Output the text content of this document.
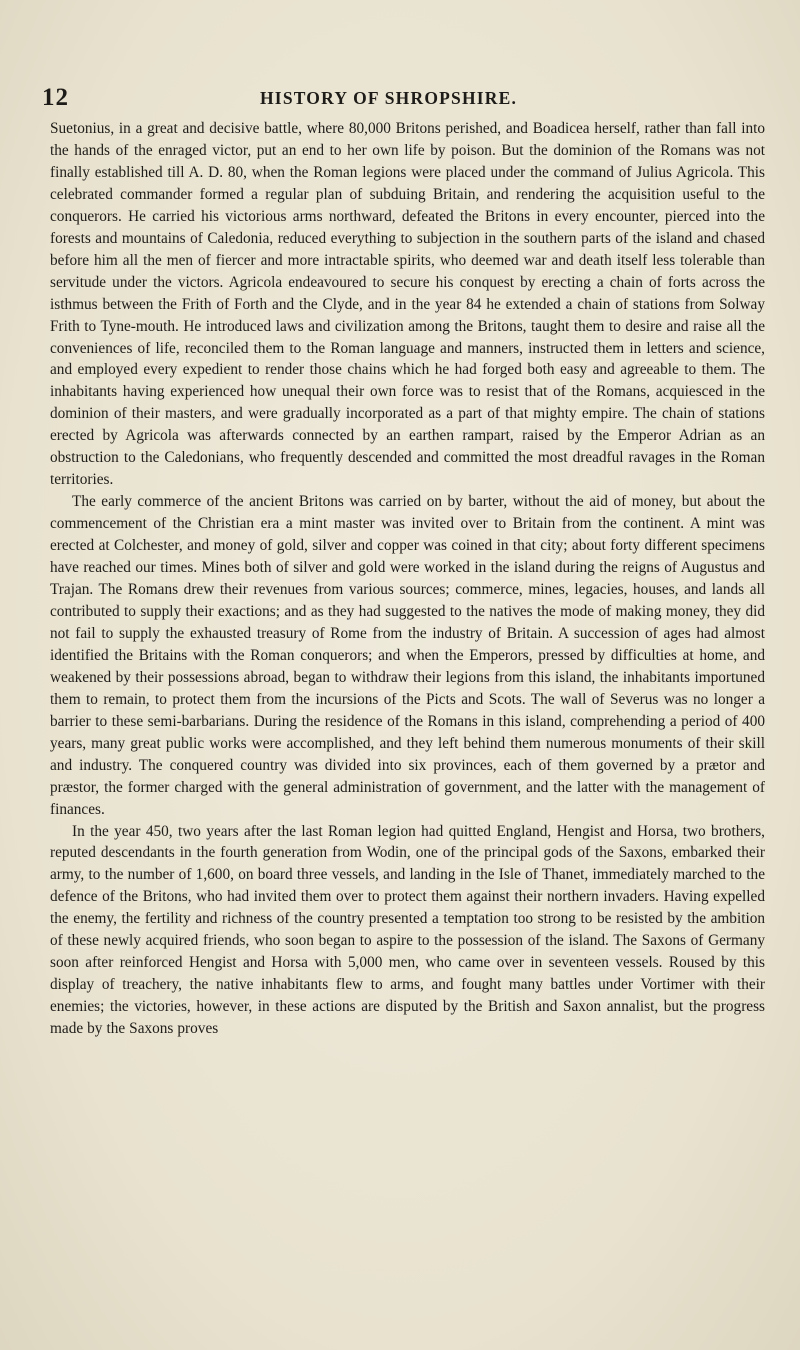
12	HISTORY OF SHROPSHIRE.

Suetonius, in a great and decisive battle, where 80,000 Britons perished, and Boadicea herself, rather than fall into the hands of the enraged victor, put an end to her own life by poison. But the dominion of the Romans was not finally established till A. D. 80, when the Roman legions were placed under the command of Julius Agricola. This celebrated commander formed a regular plan of subduing Britain, and rendering the acquisition useful to the conquerors. He carried his victorious arms northward, defeated the Britons in every encounter, pierced into the forests and mountains of Caledonia, reduced everything to subjection in the southern parts of the island and chased before him all the men of fiercer and more intractable spirits, who deemed war and death itself less tolerable than servitude under the victors. Agricola endeavoured to secure his conquest by erecting a chain of forts across the isthmus between the Frith of Forth and the Clyde, and in the year 84 he extended a chain of stations from Solway Frith to Tyne-mouth. He introduced laws and civilization among the Britons, taught them to desire and raise all the conveniences of life, reconciled them to the Roman language and manners, instructed them in letters and science, and employed every expedient to render those chains which he had forged both easy and agreeable to them. The inhabitants having experienced how unequal their own force was to resist that of the Romans, acquiesced in the dominion of their masters, and were gradually incorporated as a part of that mighty empire. The chain of stations erected by Agricola was afterwards connected by an earthen rampart, raised by the Emperor Adrian as an obstruction to the Caledonians, who frequently descended and committed the most dreadful ravages in the Roman territories.

The early commerce of the ancient Britons was carried on by barter, without the aid of money, but about the commencement of the Christian era a mint master was invited over to Britain from the continent. A mint was erected at Colchester, and money of gold, silver and copper was coined in that city; about forty different specimens have reached our times. Mines both of silver and gold were worked in the island during the reigns of Augustus and Trajan. The Romans drew their revenues from various sources; commerce, mines, legacies, houses, and lands all contributed to supply their exactions; and as they had suggested to the natives the mode of making money, they did not fail to supply the exhausted treasury of Rome from the industry of Britain. A succession of ages had almost identified the Britains with the Roman conquerors; and when the Emperors, pressed by difficulties at home, and weakened by their possessions abroad, began to withdraw their legions from this island, the inhabitants importuned them to remain, to protect them from the incursions of the Picts and Scots. The wall of Severus was no longer a barrier to these semi-barbarians. During the residence of the Romans in this island, comprehending a period of 400 years, many great public works were accomplished, and they left behind them numerous monuments of their skill and industry. The conquered country was divided into six provinces, each of them governed by a prætor and præstor, the former charged with the general administration of government, and the latter with the management of finances.

In the year 450, two years after the last Roman legion had quitted England, Hengist and Horsa, two brothers, reputed descendants in the fourth generation from Wodin, one of the principal gods of the Saxons, embarked their army, to the number of 1,600, on board three vessels, and landing in the Isle of Thanet, immediately marched to the defence of the Britons, who had invited them over to protect them against their northern invaders. Having expelled the enemy, the fertility and richness of the country presented a temptation too strong to be resisted by the ambition of these newly acquired friends, who soon began to aspire to the possession of the island. The Saxons of Germany soon after reinforced Hengist and Horsa with 5,000 men, who came over in seventeen vessels. Roused by this display of treachery, the native inhabitants flew to arms, and fought many battles under Vortimer with their enemies; the victories, however, in these actions are disputed by the British and Saxon annalist, but the progress made by the Saxons proves
